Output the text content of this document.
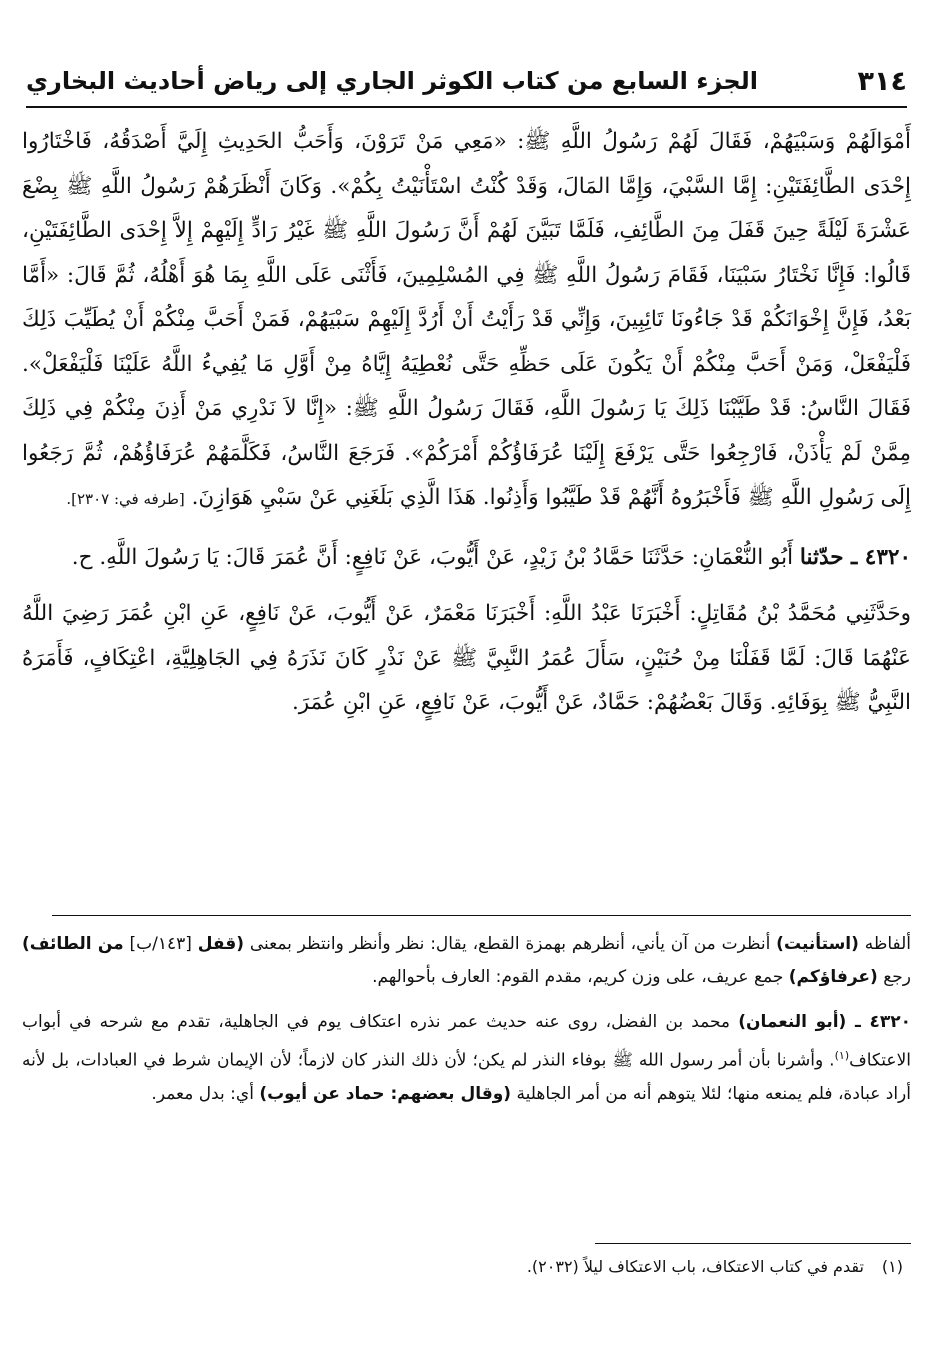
٣١٤
الجزء السابع من كتاب الكوثر الجاري إلى رياض أحاديث البخاري

أَمْوَالَهُمْ وَسَبْيَهُمْ، فَقَالَ لَهُمْ رَسُولُ اللَّهِ ﷺ: «مَعِي مَنْ تَرَوْنَ، وَأَحَبُّ الحَدِيثِ إِلَيَّ أَصْدَقُهُ، فَاخْتَارُوا إِحْدَى الطَّائِفَتَيْنِ: إِمَّا السَّبْيَ، وَإِمَّا المَالَ، وَقَدْ كُنْتُ اسْتَأْنَيْتُ بِكُمْ». وَكَانَ أَنْظَرَهُمْ رَسُولُ اللَّهِ ﷺ بِضْعَ عَشْرَةَ لَيْلَةً حِينَ قَفَلَ مِنَ الطَّائِفِ، فَلَمَّا تَبَيَّنَ لَهُمْ أَنَّ رَسُولَ اللَّهِ ﷺ غَيْرُ رَادٍّ إِلَيْهِمْ إِلاَّ إِحْدَى الطَّائِفَتَيْنِ، قَالُوا: فَإِنَّا نَخْتَارُ سَبْيَنَا، فَقَامَ رَسُولُ اللَّهِ ﷺ فِي المُسْلِمِينَ، فَأَثْنَى عَلَى اللَّهِ بِمَا هُوَ أَهْلُهُ، ثُمَّ قَالَ: «أَمَّا بَعْدُ، فَإِنَّ إِخْوَانَكُمْ قَدْ جَاءُونَا تَائِبِينَ، وَإِنِّي قَدْ رَأَيْتُ أَنْ أَرُدَّ إِلَيْهِمْ سَبْيَهُمْ، فَمَنْ أَحَبَّ مِنْكُمْ أَنْ يُطَيِّبَ ذَلِكَ فَلْيَفْعَلْ، وَمَنْ أَحَبَّ مِنْكُمْ أَنْ يَكُونَ عَلَى حَظِّهِ حَتَّى نُعْطِيَهُ إِيَّاهُ مِنْ أَوَّلِ مَا يُفِيءُ اللَّهُ عَلَيْنَا فَلْيَفْعَلْ». فَقَالَ النَّاسُ: قَدْ طَيَّبْنَا ذَلِكَ يَا رَسُولَ اللَّهِ، فَقَالَ رَسُولُ اللَّهِ ﷺ: «إِنَّا لاَ نَدْرِي مَنْ أَذِنَ مِنْكُمْ فِي ذَلِكَ مِمَّنْ لَمْ يَأْذَنْ، فَارْجِعُوا حَتَّى يَرْفَعَ إِلَيْنَا عُرَفَاؤُكُمْ أَمْرَكُمْ». فَرَجَعَ النَّاسُ، فَكَلَّمَهُمْ عُرَفَاؤُهُمْ، ثُمَّ رَجَعُوا إِلَى رَسُولِ اللَّهِ ﷺ فَأَخْبَرُوهُ أَنَّهُمْ قَدْ طَيَّبُوا وَأَذِنُوا. هَذَا الَّذِي بَلَغَنِي عَنْ سَبْيِ هَوَازِنَ. [طرفه في: ٢٣٠٧].

٤٣٢٠ ـ حدّثنا أَبُو النُّعْمَانِ: حَدَّثَنَا حَمَّادُ بْنُ زَيْدٍ، عَنْ أَيُّوبَ، عَنْ نَافِعٍ: أَنَّ عُمَرَ قَالَ: يَا رَسُولَ اللَّهِ. ح.

وحَدَّثَنِي مُحَمَّدُ بْنُ مُقَاتِلٍ: أَخْبَرَنَا عَبْدُ اللَّهِ: أَخْبَرَنَا مَعْمَرٌ، عَنْ أَيُّوبَ، عَنْ نَافِعٍ، عَنِ ابْنِ عُمَرَ رَضِيَ اللَّهُ عَنْهُمَا قَالَ: لَمَّا قَفَلْنَا مِنْ حُنَيْنٍ، سَأَلَ عُمَرُ النَّبِيَّ ﷺ عَنْ نَذْرٍ كَانَ نَذَرَهُ فِي الجَاهِلِيَّةِ، اعْتِكَافٍ، فَأَمَرَهُ النَّبِيُّ ﷺ بِوَفَائِهِ. وَقَالَ بَعْضُهُمْ: حَمَّادٌ، عَنْ أَيُّوبَ، عَنْ نَافِعٍ، عَنِ ابْنِ عُمَرَ.

ألفاظه (استأنيت) أنظرت من آن يأني، أنظرهم بهمزة القطع، يقال: نظر وأنظر وانتظر بمعنى (قفل [١٤٣/ب] من الطائف) رجع (عرفاؤكم) جمع عريف، على وزن كريم، مقدم القوم: العارف بأحوالهم.

٤٣٢٠ ـ (أبو النعمان) محمد بن الفضل، روى عنه حديث عمر نذره اعتكاف يوم في الجاهلية، تقدم مع شرحه في أبواب الاعتكاف$^{(١)}$. وأشرنا بأن أمر رسول الله ﷺ بوفاء النذر لم يكن؛ لأن ذلك النذر كان لازماً؛ لأن الإيمان شرط في العبادات، بل لأنه أراد عبادة، فلم يمنعه منها؛ لئلا يتوهم أنه من أمر الجاهلية (وقال بعضهم: حماد عن أيوب) أي: بدل معمر.

(١)تقدم في كتاب الاعتكاف، باب الاعتكاف ليلاً (٢٠٣٢).
